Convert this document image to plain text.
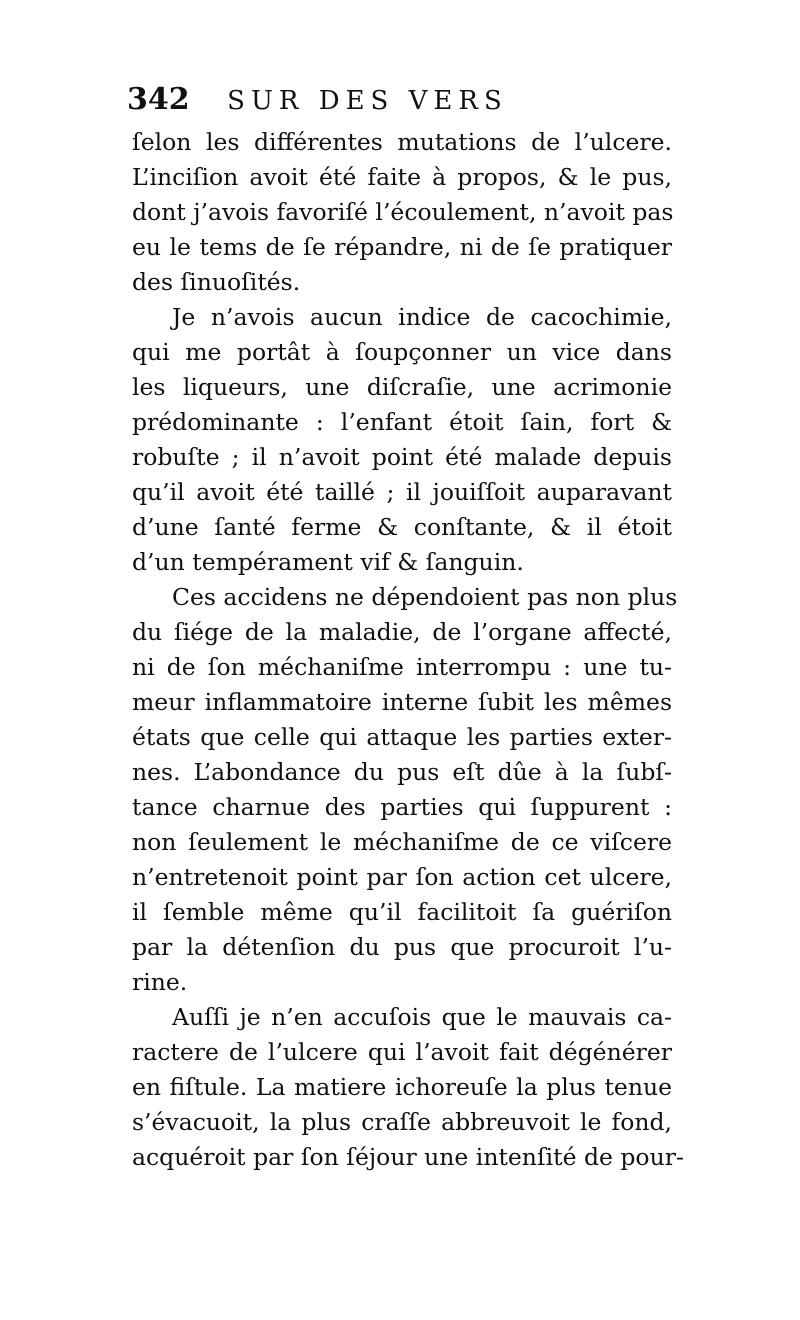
342 SUR DES VERS
ſelon les différentes mutations de l’ulcere.
L’inciſion avoit été faite à propos, & le pus,
dont j’avois favoriſé l’écoulement, n’avoit pas
eu le tems de ſe répandre, ni de ſe pratiquer
des ſinuoſités.
Je n’avois aucun indice de cacochimie,
qui me portât à ſoupçonner un vice dans
les liqueurs, une diſcraſie, une acrimonie
prédominante : l’enfant étoit ſain, fort &
robuſte ; il n’avoit point été malade depuis
qu’il avoit été taillé ; il jouiſſoit auparavant
d’une ſanté ferme & conſtante, & il étoit
d’un tempérament vif & ſanguin.
Ces accidens ne dépendoient pas non plus
du ſiége de la maladie, de l’organe affecté,
ni de ſon méchaniſme interrompu : une tu-
meur inflammatoire interne ſubit les mêmes
états que celle qui attaque les parties exter-
nes. L’abondance du pus eſt dûe à la ſubſ-
tance charnue des parties qui ſuppurent :
non ſeulement le méchaniſme de ce viſcere
n’entretenoit point par ſon action cet ulcere,
il ſemble même qu’il facilitoit ſa guériſon
par la détenſion du pus que procuroit l’u-
rine.
Auſſi je n’en accuſois que le mauvais ca-
ractere de l’ulcere qui l’avoit fait dégénérer
en fiſtule. La matiere ichoreuſe la plus tenue
s’évacuoit, la plus craſſe abbreuvoit le fond,
acquéroit par ſon ſéjour une intenſité de pour-
